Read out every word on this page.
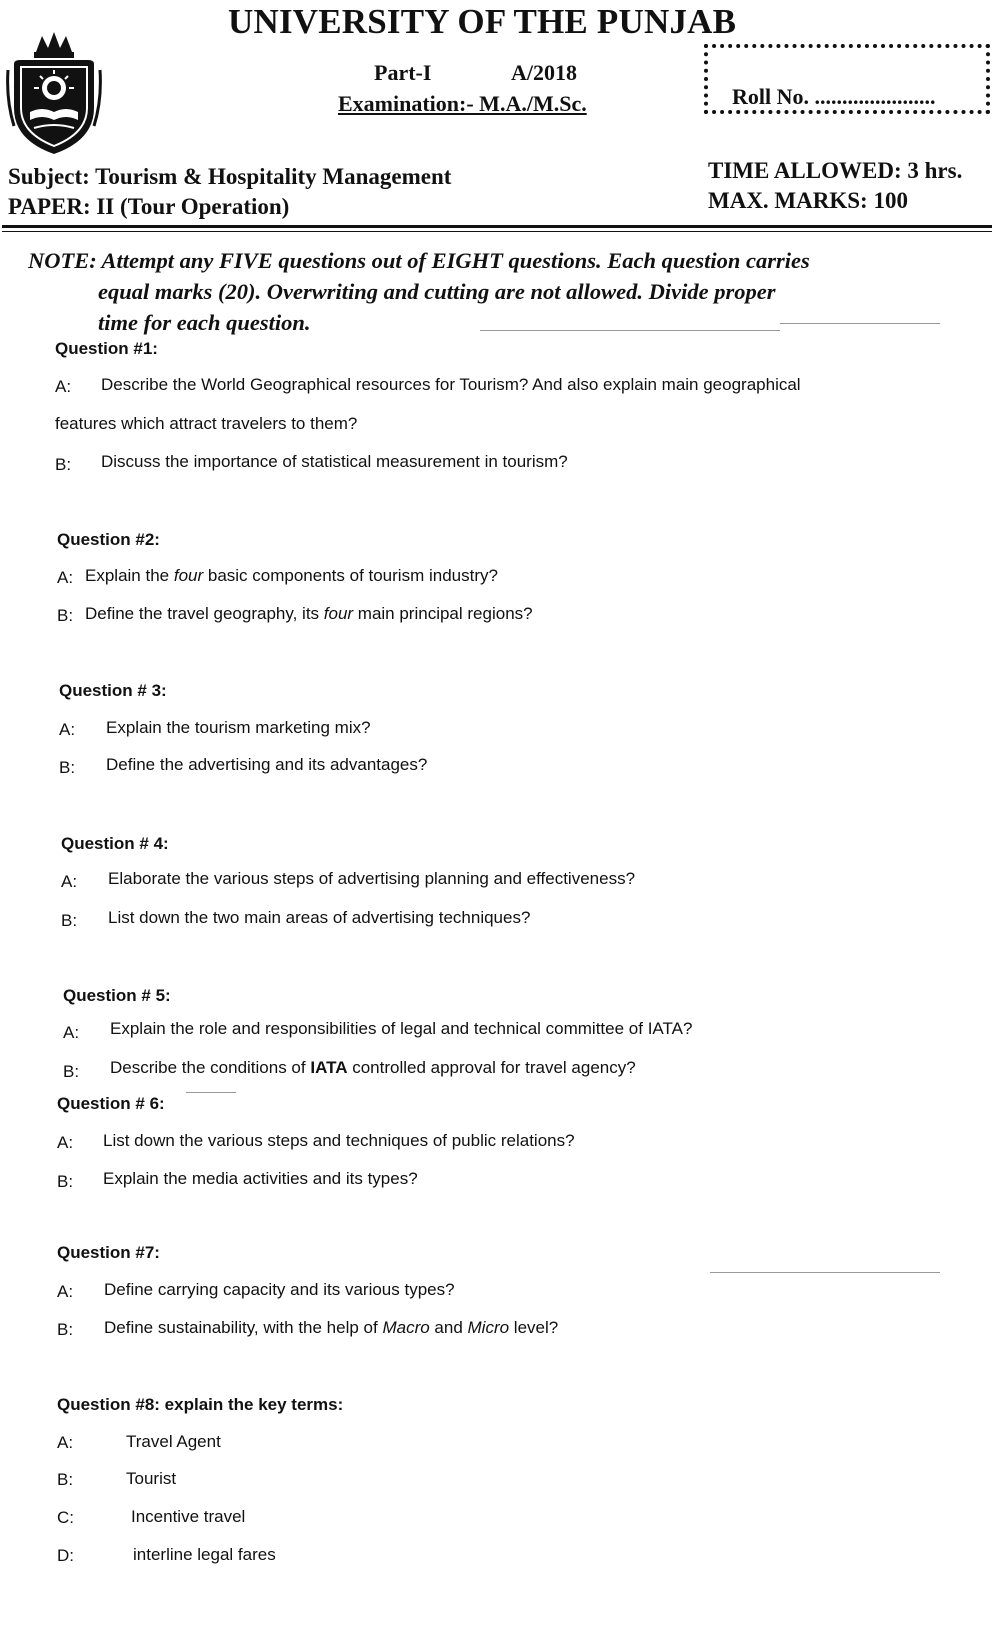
UNIVERSITY OF THE PUNJAB
Part-I	A/2018
Examination:- M.A./M.Sc.	Roll No. ......................
Subject: Tourism & Hospitality Management
PAPER: II (Tour Operation)
TIME ALLOWED: 3 hrs.
MAX. MARKS: 100
NOTE: Attempt any FIVE questions out of EIGHT questions. Each question carries
equal marks (20). Overwriting and cutting are not allowed. Divide proper
time for each question.
Question #1:
A: Describe the World Geographical resources for Tourism? And also explain main geographical
features which attract travelers to them?
B: Discuss the importance of statistical measurement in tourism?
Question #2:
A: Explain the four basic components of tourism industry?
B: Define the travel geography, its four main principal regions?
Question # 3:
A: Explain the tourism marketing mix?
B: Define the advertising and its advantages?
Question # 4:
A: Elaborate the various steps of advertising planning and effectiveness?
B: List down the two main areas of advertising techniques?
Question # 5:
A: Explain the role and responsibilities of legal and technical committee of IATA?
B: Describe the conditions of IATA controlled approval for travel agency?
Question # 6:
A: List down the various steps and techniques of public relations?
B: Explain the media activities and its types?
Question #7:
A: Define carrying capacity and its various types?
B: Define sustainability, with the help of Macro and Micro level?
Question #8: explain the key terms:
A:	Travel Agent
B:	Tourist
C:	Incentive travel
D:	interline legal fares
